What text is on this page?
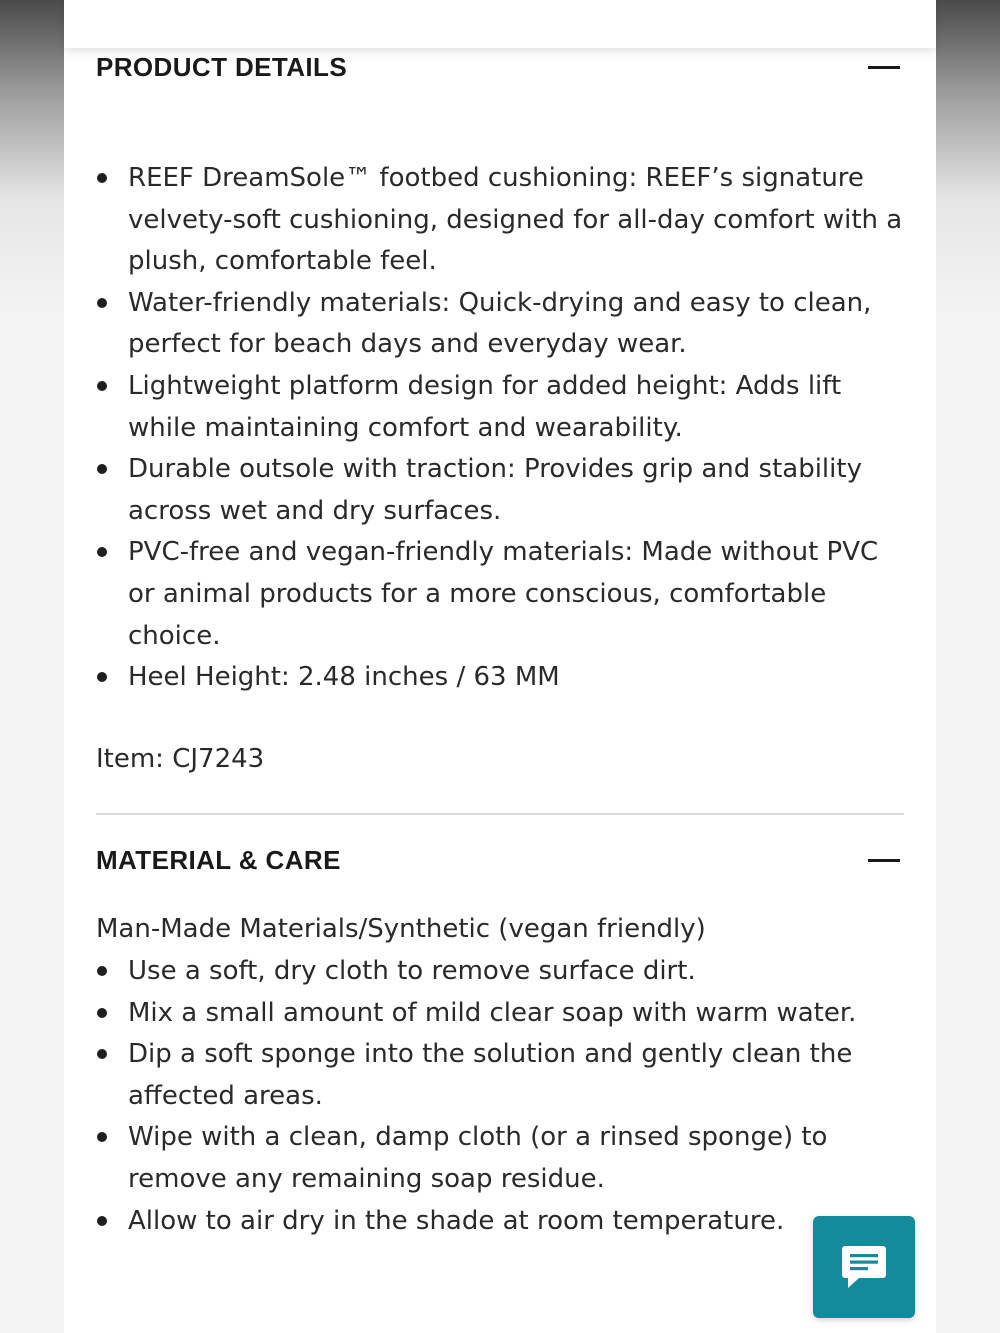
PRODUCT DETAILS
REEF DreamSole™ footbed cushioning: REEF’s signature velvety-soft cushioning, designed for all-day comfort with a plush, comfortable feel.
Water-friendly materials: Quick-drying and easy to clean, perfect for beach days and everyday wear.
Lightweight platform design for added height: Adds lift while maintaining comfort and wearability.
Durable outsole with traction: Provides grip and stability across wet and dry surfaces.
PVC-free and vegan-friendly materials: Made without PVC or animal products for a more conscious, comfortable choice.
Heel Height: 2.48 inches / 63 MM
Item: CJ7243
MATERIAL & CARE
Man-Made Materials/Synthetic (vegan friendly)
Use a soft, dry cloth to remove surface dirt.
Mix a small amount of mild clear soap with warm water.
Dip a soft sponge into the solution and gently clean the affected areas.
Wipe with a clean, damp cloth (or a rinsed sponge) to remove any remaining soap residue.
Allow to air dry in the shade at room temperature.
